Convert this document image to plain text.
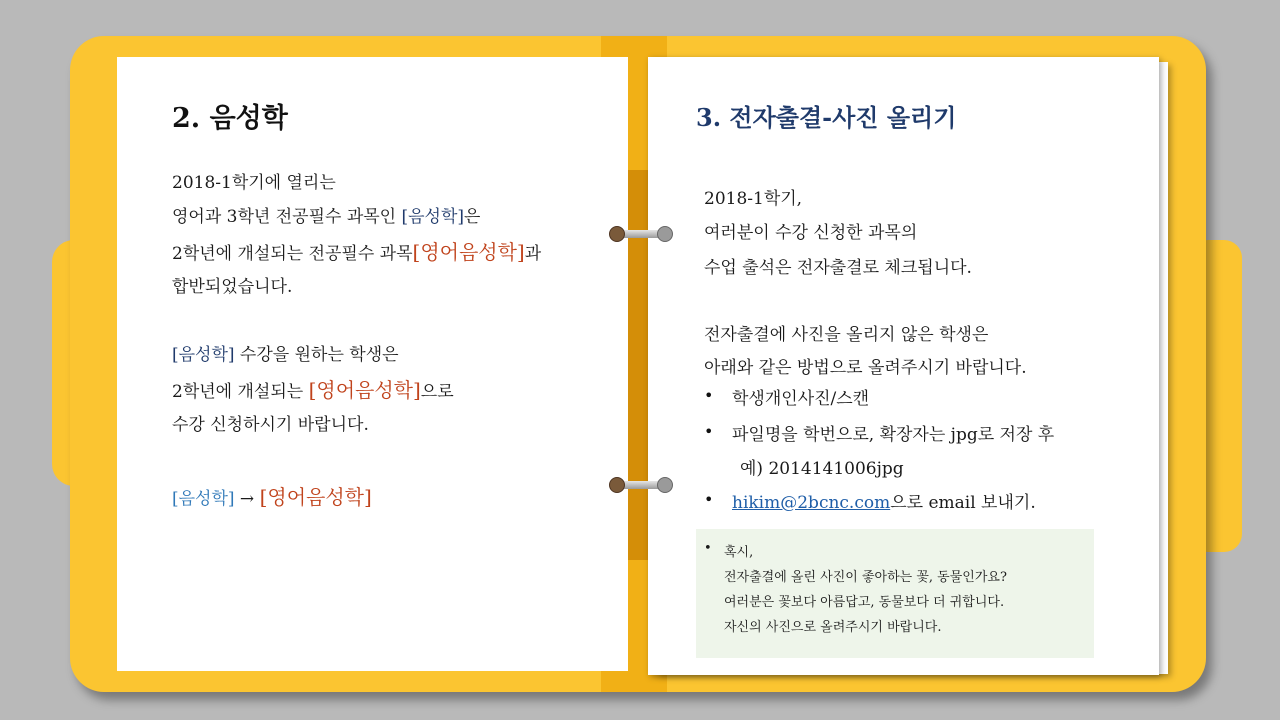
2. 음성학
2018-1학기에 열리는
영어과 3학년 전공필수 과목인 [음성학]은
2학년에 개설되는 전공필수 과목[영어음성학]과
합반되었습니다.
[음성학] 수강을 원하는 학생은
2학년에 개설되는 [영어음성학]으로
수강 신청하시기 바랍니다.
[음성학] → [영어음성학]
3. 전자출결-사진 올리기
2018-1학기,
여러분이 수강 신청한 과목의
수업 출석은 전자출결로 체크됩니다.
전자출결에 사진을 올리지 않은 학생은
아래와 같은 방법으로 올려주시기 바랍니다.
• 학생개인사진/스캔
• 파일명을 학번으로, 확장자는 jpg로 저장 후
예) 2014141006jpg
• hikim@2bcnc.com으로 email 보내기.
• 혹시,
전자출결에 올린 사진이 좋아하는 꽃, 동물인가요?
여러분은 꽃보다 아름답고, 동물보다 더 귀합니다.
자신의 사진으로 올려주시기 바랍니다.
